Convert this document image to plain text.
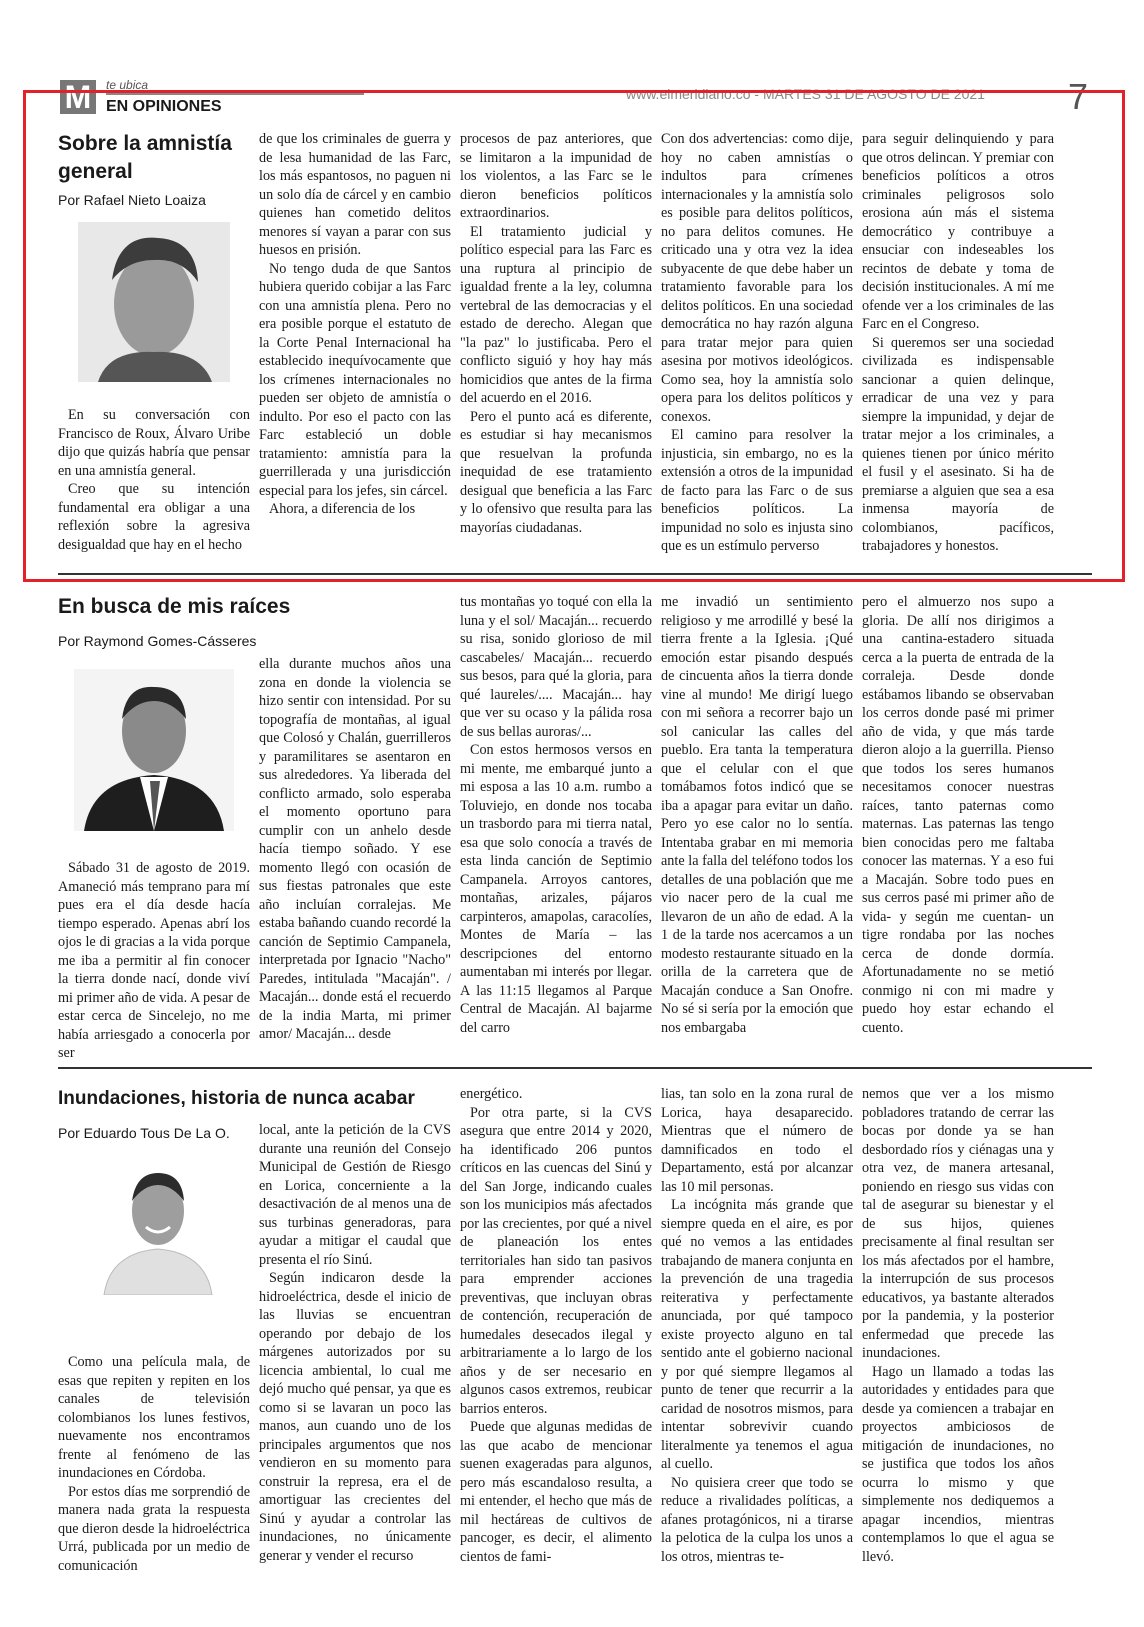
M	te ubica
EN OPINIONES
www.elmeridiano.co - MARTES 31 DE AGOSTO DE 2021 7
Sobre la amnistía general
Por Rafael Nieto Loaiza

En su conversación con Francisco de Roux, Álvaro Uribe dijo que quizás habría que pensar en una amnistía general.

Creo que su intención fundamental era obligar a una reflexión sobre la agresiva desigualdad que hay en el hecho

de que los criminales de guerra y de lesa humanidad de las Farc, los más espantosos, no paguen ni un solo día de cárcel y en cambio quienes han cometido delitos menores sí vayan a parar con sus huesos en prisión.

No tengo duda de que Santos hubiera querido cobijar a las Farc con una amnistía plena. Pero no era posible porque el estatuto de la Corte Penal Internacional ha establecido inequívocamente que los crímenes internacionales no pueden ser objeto de amnistía o indulto. Por eso el pacto con las Farc estableció un doble tratamiento: amnistía para la guerrillerada y una jurisdicción especial para los jefes, sin cárcel.

Ahora, a diferencia de los

procesos de paz anteriores, que se limitaron a la impunidad de los violentos, a las Farc se le dieron beneficios políticos extraordinarios.

El tratamiento judicial y político especial para las Farc es una ruptura al principio de igualdad frente a la ley, columna vertebral de las democracias y el estado de derecho. Alegan que "la paz" lo justificaba. Pero el conflicto siguió y hoy hay más homicidios que antes de la firma del acuerdo en el 2016.

Pero el punto acá es diferente, es estudiar si hay mecanismos que resuelvan la profunda inequidad de ese tratamiento desigual que beneficia a las Farc y lo ofensivo que resulta para las mayorías ciudadanas.

Con dos advertencias: como dije, hoy no caben amnistías o indultos para crímenes internacionales y la amnistía solo es posible para delitos políticos, no para delitos comunes. He criticado una y otra vez la idea subyacente de que debe haber un tratamiento favorable para los delitos políticos. En una sociedad democrática no hay razón alguna para tratar mejor para quien asesina por motivos ideológicos. Como sea, hoy la amnistía solo opera para los delitos políticos y conexos.

El camino para resolver la injusticia, sin embargo, no es la extensión a otros de la impunidad de facto para las Farc o de sus beneficios políticos. La impunidad no solo es injusta sino que es un estímulo perverso

para seguir delinquiendo y para que otros delincan. Y premiar con beneficios políticos a otros criminales peligrosos solo erosiona aún más el sistema democrático y contribuye a ensuciar con indeseables los recintos de debate y toma de decisión institucionales. A mí me ofende ver a los criminales de las Farc en el Congreso.

Si queremos ser una sociedad civilizada es indispensable sancionar a quien delinque, erradicar de una vez y para siempre la impunidad, y dejar de tratar mejor a los criminales, a quienes tienen por único mérito el fusil y el asesinato. Si ha de premiarse a alguien que sea a esa inmensa mayoría de colombianos, pacíficos, trabajadores y honestos.

En busca de mis raíces
Por Raymond Gomes-Cásseres

Sábado 31 de agosto de 2019. Amaneció más temprano para mí pues era el día desde hacía tiempo esperado. Apenas abrí los ojos le di gracias a la vida porque me iba a permitir al fin conocer la tierra donde nací, donde viví mi primer año de vida. A pesar de estar cerca de Sincelejo, no me había arriesgado a conocerla por ser

ella durante muchos años una zona en donde la violencia se hizo sentir con intensidad. Por su topografía de montañas, al igual que Colosó y Chalán, guerrilleros y paramilitares se asentaron en sus alrededores. Ya liberada del conflicto armado, solo esperaba el momento oportuno para cumplir con un anhelo desde hacía tiempo soñado. Y ese momento llegó con ocasión de sus fiestas patronales que este año incluían corralejas. Me estaba bañando cuando recordé la canción de Septimio Campanela, interpretada por Ignacio "Nacho" Paredes, intitulada "Macaján". / Macaján... donde está el recuerdo de la india Marta, mi primer amor/ Macaján... desde

tus montañas yo toqué con ella la luna y el sol/ Macaján... recuerdo su risa, sonido glorioso de mil cascabeles/ Macaján... recuerdo sus besos, para qué la gloria, para qué laureles/.... Macaján... hay que ver su ocaso y la pálida rosa de sus bellas auroras/...

Con estos hermosos versos en mi mente, me embarqué junto a mi esposa a las 10 a.m. rumbo a Toluviejo, en donde nos tocaba un trasbordo para mi tierra natal, esa que solo conocía a través de esta linda canción de Septimio Campanela. Arroyos cantores, montañas, arizales, pájaros carpinteros, amapolas, caracolíes, Montes de María – las descripciones del entorno aumentaban mi interés por llegar. A las 11:15 llegamos al Parque Central de Macaján. Al bajarme del carro

me invadió un sentimiento religioso y me arrodillé y besé la tierra frente a la Iglesia. ¡Qué emoción estar pisando después de cincuenta años la tierra donde vine al mundo! Me dirigí luego con mi señora a recorrer bajo un sol canicular las calles del pueblo. Era tanta la temperatura que el celular con el que tomábamos fotos indicó que se iba a apagar para evitar un daño. Pero yo ese calor no lo sentía. Intentaba grabar en mi memoria ante la falla del teléfono todos los detalles de una población que me vio nacer pero de la cual me llevaron de un año de edad. A la 1 de la tarde nos acercamos a un modesto restaurante situado en la orilla de la carretera que de Macaján conduce a San Onofre. No sé si sería por la emoción que nos embargaba

pero el almuerzo nos supo a gloria. De allí nos dirigimos a una cantina-estadero situada cerca a la puerta de entrada de la corraleja. Desde donde estábamos libando se observaban los cerros donde pasé mi primer año de vida, y que más tarde dieron alojo a la guerrilla. Pienso que todos los seres humanos necesitamos conocer nuestras raíces, tanto paternas como maternas. Las paternas las tengo bien conocidas pero me faltaba conocer las maternas. Y a eso fui a Macaján. Sobre todo pues en sus cerros pasé mi primer año de vida- y según me cuentan- un tigre rondaba por las noches cerca de donde dormía. Afortunadamente no se metió conmigo ni con mi madre y puedo hoy estar echando el cuento.

Inundaciones, historia de nunca acabar
Por Eduardo Tous De La O.

Como una película mala, de esas que repiten y repiten en los canales de televisión colombianos los lunes festivos, nuevamente nos encontramos frente al fenómeno de las inundaciones en Córdoba.

Por estos días me sorprendió de manera nada grata la respuesta que dieron desde la hidroeléctrica Urrá, publicada por un medio de comunicación

local, ante la petición de la CVS durante una reunión del Consejo Municipal de Gestión de Riesgo en Lorica, concerniente a la desactivación de al menos una de sus turbinas generadoras, para ayudar a mitigar el caudal que presenta el río Sinú.

Según indicaron desde la hidroeléctrica, desde el inicio de las lluvias se encuentran operando por debajo de los márgenes autorizados por su licencia ambiental, lo cual me dejó mucho qué pensar, ya que es como si se lavaran un poco las manos, aun cuando uno de los principales argumentos que nos vendieron en su momento para construir la represa, era el de amortiguar las crecientes del Sinú y ayudar a controlar las inundaciones, no únicamente generar y vender el recurso

energético.

Por otra parte, si la CVS asegura que entre 2014 y 2020, ha identificado 206 puntos críticos en las cuencas del Sinú y del San Jorge, indicando cuales son los municipios más afectados por las crecientes, por qué a nivel de planeación los entes territoriales han sido tan pasivos para emprender acciones preventivas, que incluyan obras de contención, recuperación de humedales desecados ilegal y arbitrariamente a lo largo de los años y de ser necesario en algunos casos extremos, reubicar barrios enteros.

Puede que algunas medidas de las que acabo de mencionar suenen exageradas para algunos, pero más escandaloso resulta, a mi entender, el hecho que más de mil hectáreas de cultivos de pancoger, es decir, el alimento cientos de fami-

lias, tan solo en la zona rural de Lorica, haya desaparecido. Mientras que el número de damnificados en todo el Departamento, está por alcanzar las 10 mil personas.

La incógnita más grande que siempre queda en el aire, es por qué no vemos a las entidades trabajando de manera conjunta en la prevención de una tragedia reiterativa y perfectamente anunciada, por qué tampoco existe proyecto alguno en tal sentido ante el gobierno nacional y por qué siempre llegamos al punto de tener que recurrir a la caridad de nosotros mismos, para intentar sobrevivir cuando literalmente ya tenemos el agua al cuello.

No quisiera creer que todo se reduce a rivalidades políticas, a afanes protagónicos, ni a tirarse la pelotica de la culpa los unos a los otros, mientras te-

nemos que ver a los mismo pobladores tratando de cerrar las bocas por donde ya se han desbordado ríos y ciénagas una y otra vez, de manera artesanal, poniendo en riesgo sus vidas con tal de asegurar su bienestar y el de sus hijos, quienes precisamente al final resultan ser los más afectados por el hambre, la interrupción de sus procesos educativos, ya bastante alterados por la pandemia, y la posterior enfermedad que precede las inundaciones.

Hago un llamado a todas las autoridades y entidades para que desde ya comiencen a trabajar en proyectos ambiciosos de mitigación de inundaciones, no se justifica que todos los años ocurra lo mismo y que simplemente nos dediquemos a apagar incendios, mientras contemplamos lo que el agua se llevó.
